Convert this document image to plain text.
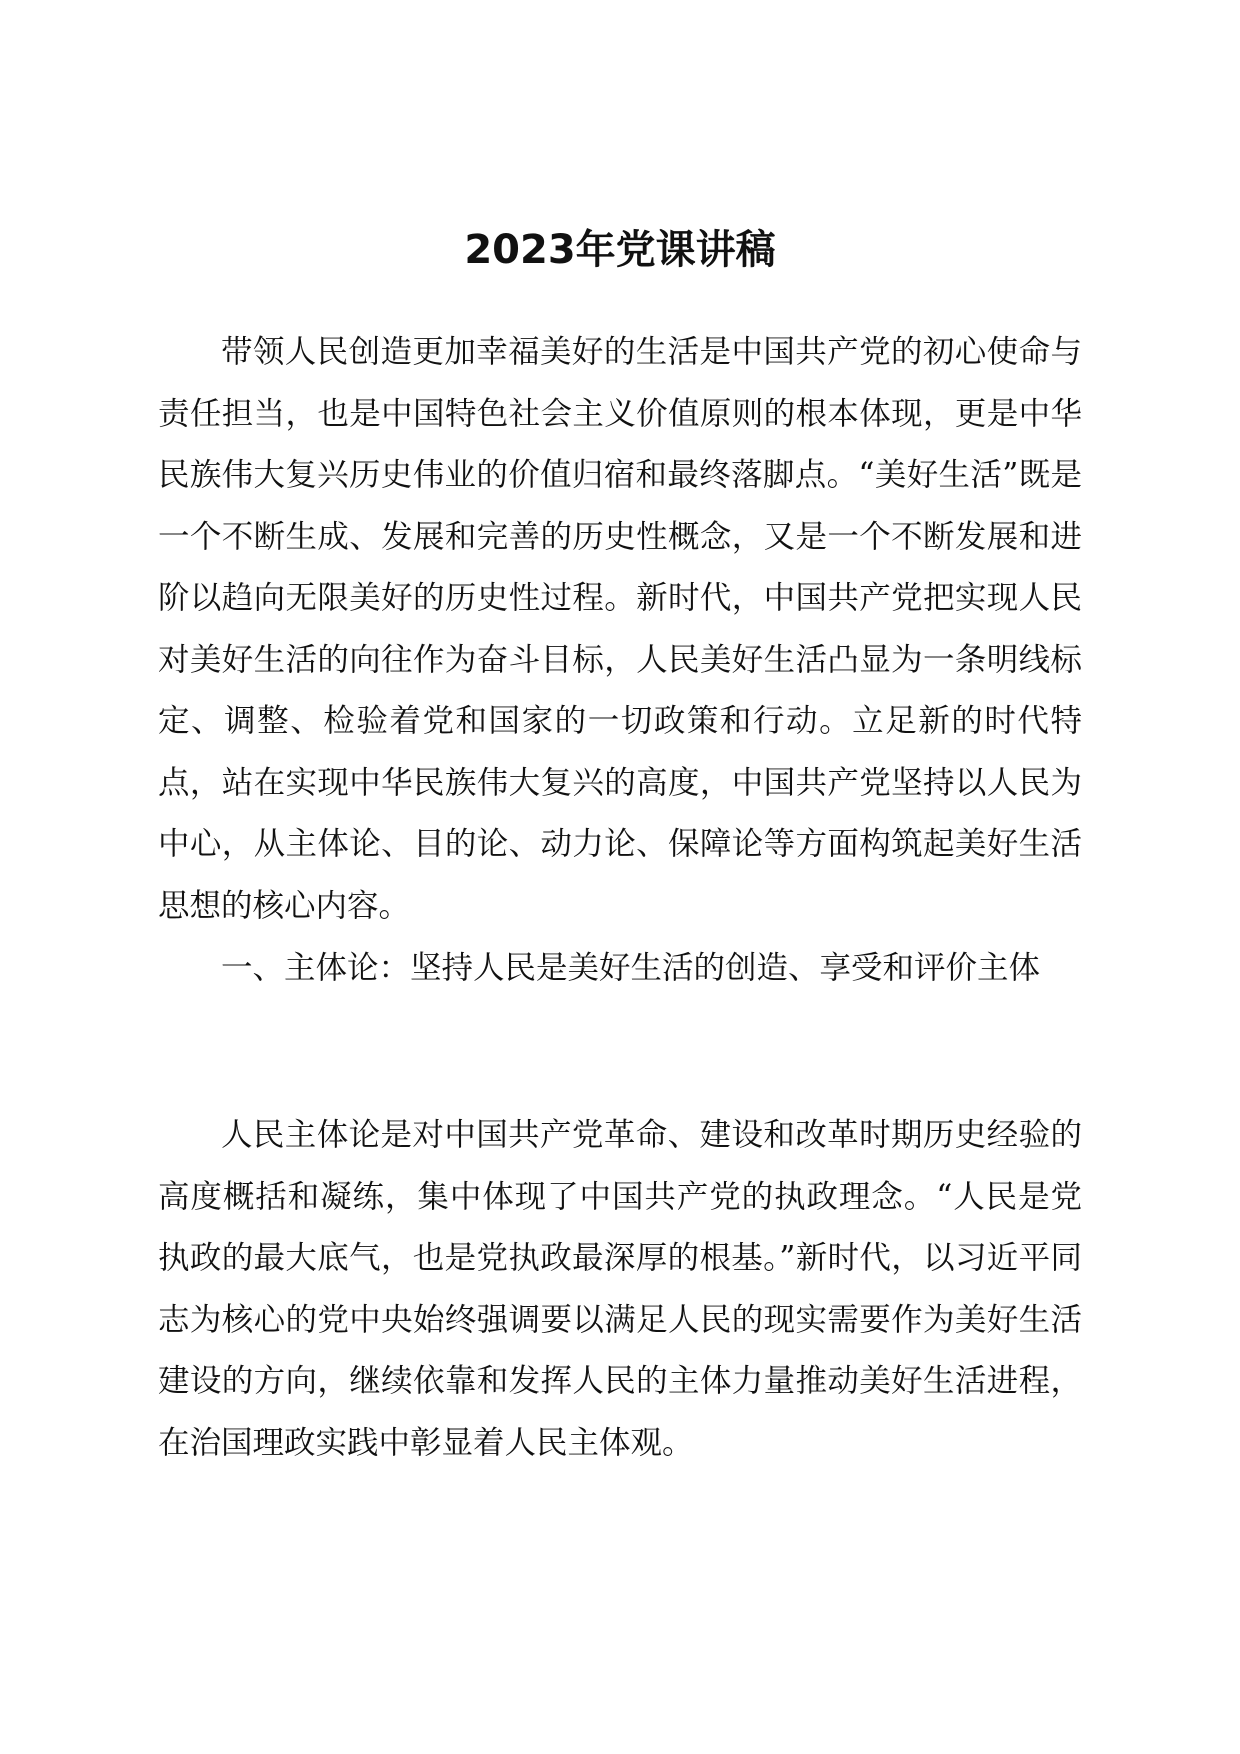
2023年党课讲稿

带领人民创造更加幸福美好的生活是中国共产党的初心使命与责任担当，也是中国特色社会主义价值原则的根本体现，更是中华民族伟大复兴历史伟业的价值归宿和最终落脚点。“美好生活”既是一个不断生成、发展和完善的历史性概念，又是一个不断发展和进阶以趋向无限美好的历史性过程。新时代，中国共产党把实现人民对美好生活的向往作为奋斗目标，人民美好生活凸显为一条明线标定、调整、检验着党和国家的一切政策和行动。立足新的时代特点，站在实现中华民族伟大复兴的高度，中国共产党坚持以人民为中心，从主体论、目的论、动力论、保障论等方面构筑起美好生活思想的核心内容。

一、主体论：坚持人民是美好生活的创造、享受和评价主体

人民主体论是对中国共产党革命、建设和改革时期历史经验的高度概括和凝练，集中体现了中国共产党的执政理念。“人民是党执政的最大底气，也是党执政最深厚的根基。”新时代，以习近平同志为核心的党中央始终强调要以满足人民的现实需要作为美好生活建设的方向，继续依靠和发挥人民的主体力量推动美好生活进程，在治国理政实践中彰显着人民主体观。
